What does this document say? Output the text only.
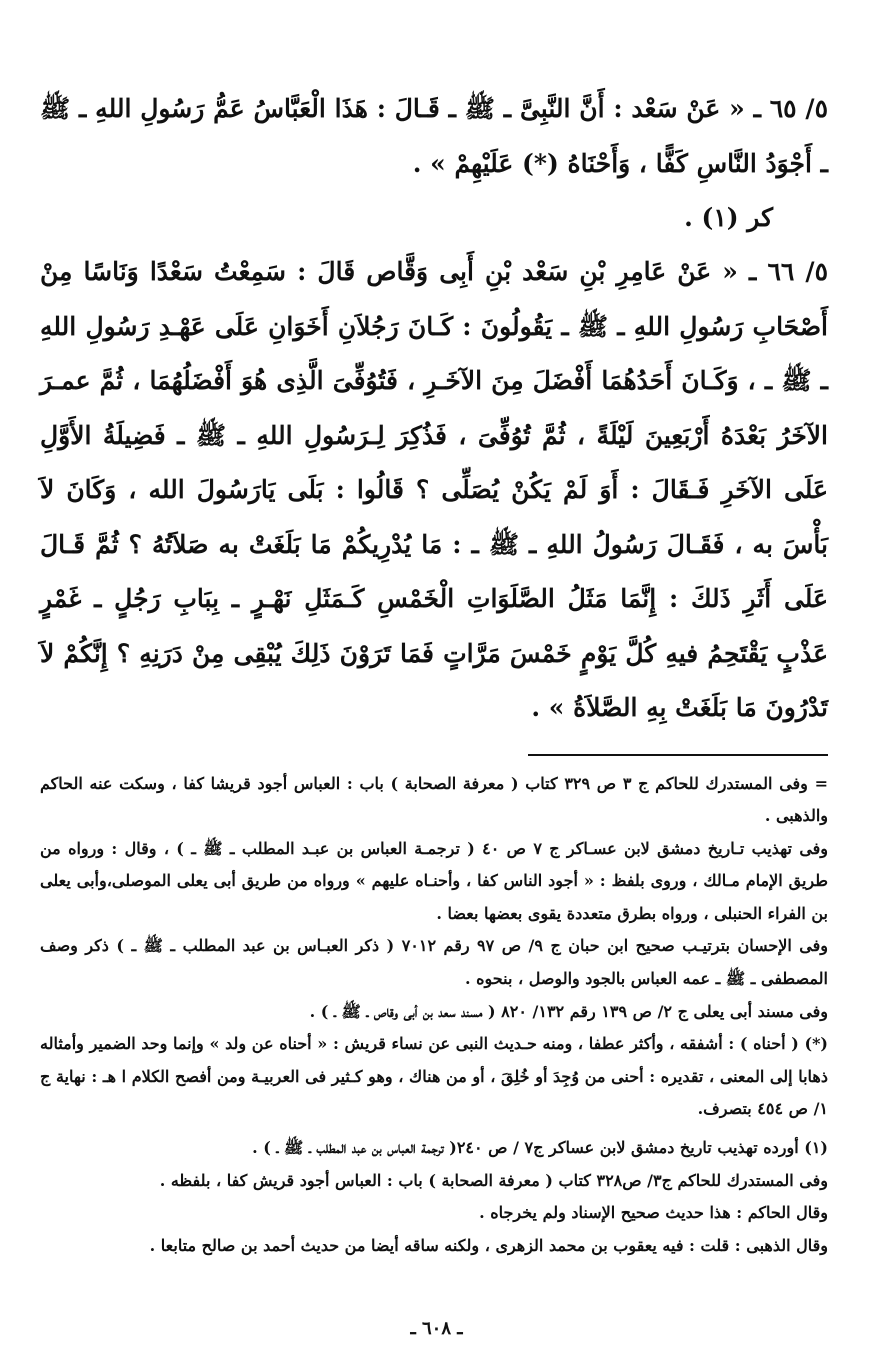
٥/ ٦٥ ـ « عَنْ سَعْد : أَنَّ النَّبِىَّ ـ ﷺ ـ قَـالَ : هَذَا الْعَبَّاسُ عَمُّ رَسُولِ اللهِ ـ ﷺ ـ أَجْوَدُ النَّاسِ كَفًّا ، وَأَحْنَاهُ (*) عَلَيْهِمْ » .

كر (١) .

٥/ ٦٦ ـ « عَنْ عَامِرِ بْنِ سَعْد بْنِ أَبِى وَقَّاص قَالَ : سَمِعْتُ سَعْدًا وَنَاسًا مِنْ أَصْحَابِ رَسُولِ اللهِ ـ ﷺ ـ يَقُولُونَ : كَـانَ رَجُلاَنِ أَخَوَانِ عَلَى عَهْـدِ رَسُولِ اللهِ ـ ﷺ ـ ، وَكَـانَ أَحَدُهُمَا أَفْضَلَ مِنَ الآخَـرِ ، فَتُوُفِّىَ الَّذِى هُوَ أَفْضَلُهُمَا ، ثُمَّ عمـرَ الآخَرُ بَعْدَهُ أَرْبَعِينَ لَيْلَةً ، ثُمَّ تُوُفِّىَ ، فَذُكِرَ لِـرَسُولِ اللهِ ـ ﷺ ـ فَضِيلَةُ الأَوَّلِ عَلَى الآخَرِ فَـقَالَ : أَوَ لَمْ يَكُنْ يُصَلِّى ؟ قَالُوا : بَلَى يَارَسُولَ الله ، وَكَانَ لاَ بَأْسَ به ، فَقَـالَ رَسُولُ اللهِ ـ ﷺ ـ : مَا يُدْرِيكُمْ مَا بَلَغَتْ به صَلاَتُهُ ؟ ثُمَّ قَـالَ عَلَى أَثَرِ ذَلكَ : إِنَّمَا مَثَلُ الصَّلَوَاتِ الْخَمْسِ كَـمَثَلِ نَهْـرٍ ـ بِبَابِ رَجُلٍ ـ غَمْرٍ عَذْبٍ يَقْتَحِمُ فيهِ كُلَّ يَوْمٍ خَمْسَ مَرَّاتٍ فَمَا تَرَوْنَ ذَلِكَ يُبْقِى مِنْ دَرَنِهِ ؟ إِنَّكُمْ لاَ تَدْرُونَ مَا بَلَغَتْ بِهِ الصَّلاَةُ » .

= وفى المستدرك للحاكم ج ٣ ص ٣٢٩ كتاب ( معرفة الصحابة ) باب : العباس أجود قريشا كفا ، وسكت عنه الحاكم والذهبى .

وفى تهذيب تـاريخ دمشق لابن عسـاكر ج ٧ ص ٤٠ ( ترجمـة العباس بن عبـد المطلب ـ ﷺ ـ ) ، وقال : ورواه من طريق الإمام مـالك ، وروى بلفظ : « أجود الناس كفا ، وأحنـاه عليهم » ورواه من طريق أبى يعلى الموصلى،وأبى يعلى بن الفراء الحنبلى ، ورواه بطرق متعددة يقوى بعضها بعضا .

وفى الإحسان بترتيـب صحيح ابن حبان ج ٩/ ص ٩٧ رقم ٧٠١٢ ( ذكر العبـاس بن عبد المطلب ـ ﷺ ـ ) ذكر وصف المصطفى ـ ﷺ ـ عمه العباس بالجود والوصل ، بنحوه .

وفى مسند أبى يعلى ج ٢/ ص ١٣٩ رقم ١٣٢/ ٨٢٠ ( مسند سعد بن أبى وقاص ـ ﷺ ـ ) .

(*) ( أحناه ) : أشفقه ، وأكثر عطفا ، ومنه حـديث النبى عن نساء قريش : « أحناه عن ولد » وإنما وحد الضمير وأمثاله ذهابا إلى المعنى ، تقديره : أحنى من وُجِدَ أو خُلِقَ ، أو من هناك ، وهو كـثير فى العربيـة ومن أفصح الكلام ا هـ : نهاية ج ١/ ص ٤٥٤ بتصرف.

(١) أورده تهذيب تاريخ دمشق لابن عساكر ج٧ / ص ٢٤٠( ترجمة العباس بن عبد المطلب ـ ﷺ ـ ) .

وفى المستدرك للحاكم ج٣/ ص٣٢٨ كتاب ( معرفة الصحابة ) باب : العباس أجود قريش كفا ، بلفظه .

وقال الحاكم : هذا حديث صحيح الإسناد ولم يخرجاه .

وقال الذهبى : قلت : فيه يعقوب بن محمد الزهرى ، ولكنه ساقه أيضا من حديث أحمد بن صالح متابعا .

ـ ٦٠٨ ـ
